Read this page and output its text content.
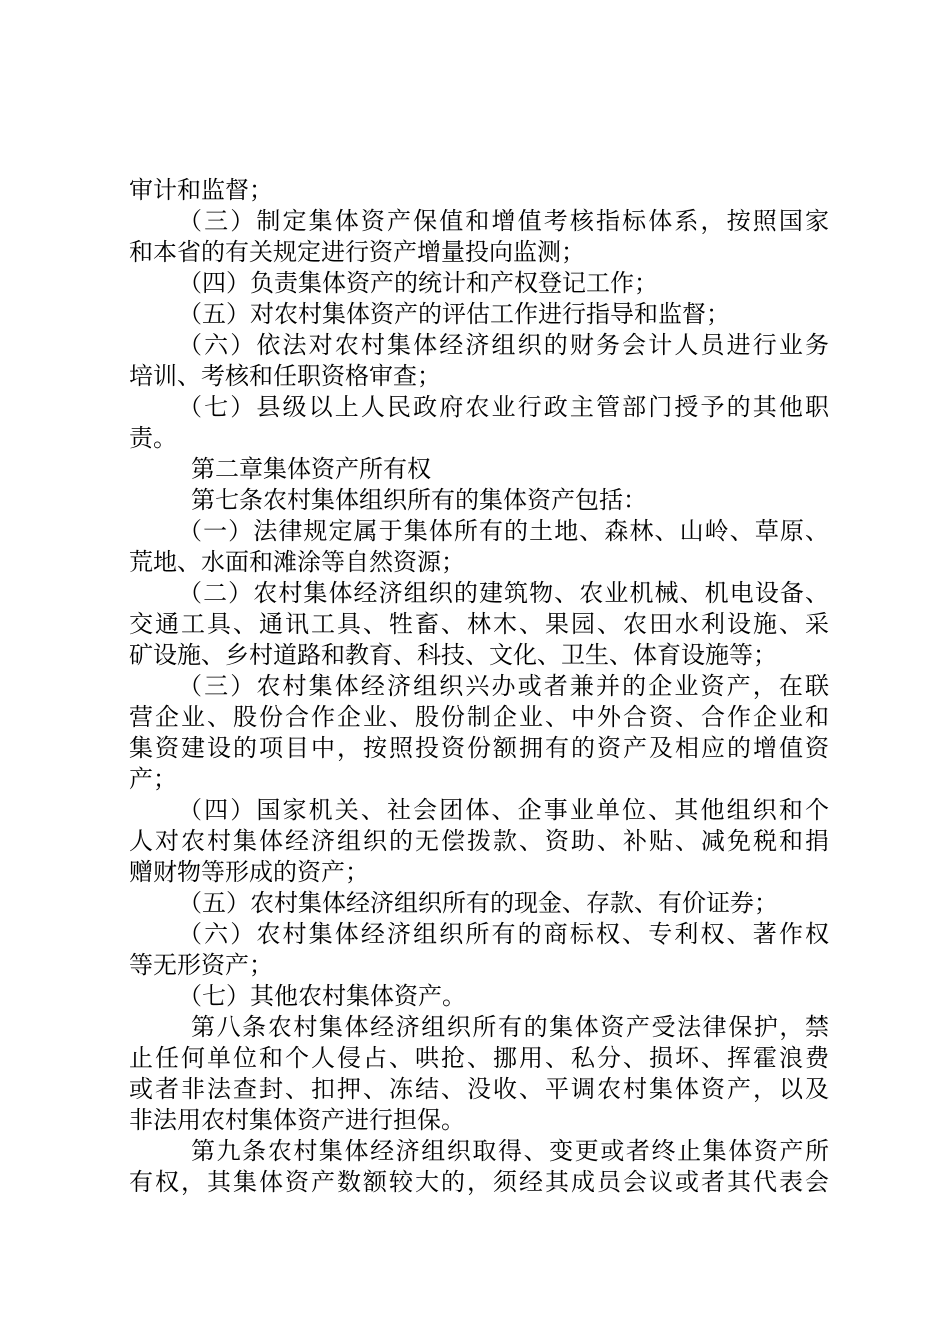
审计和监督；
（三）制定集体资产保值和增值考核指标体系，按照国家
和本省的有关规定进行资产增量投向监测；
（四）负责集体资产的统计和产权登记工作；
（五）对农村集体资产的评估工作进行指导和监督；
（六）依法对农村集体经济组织的财务会计人员进行业务
培训、考核和任职资格审查；
（七）县级以上人民政府农业行政主管部门授予的其他职
责。
第二章集体资产所有权
第七条农村集体组织所有的集体资产包括：
（一）法律规定属于集体所有的土地、森林、山岭、草原、
荒地、水面和滩涂等自然资源；
（二）农村集体经济组织的建筑物、农业机械、机电设备、
交通工具、通讯工具、牲畜、林木、果园、农田水利设施、采
矿设施、乡村道路和教育、科技、文化、卫生、体育设施等；
（三）农村集体经济组织兴办或者兼并的企业资产，在联
营企业、股份合作企业、股份制企业、中外合资、合作企业和
集资建设的项目中，按照投资份额拥有的资产及相应的增值资
产；
（四）国家机关、社会团体、企事业单位、其他组织和个
人对农村集体经济组织的无偿拨款、资助、补贴、减免税和捐
赠财物等形成的资产；
（五）农村集体经济组织所有的现金、存款、有价证券；
（六）农村集体经济组织所有的商标权、专利权、著作权
等无形资产；
（七）其他农村集体资产。
第八条农村集体经济组织所有的集体资产受法律保护，禁
止任何单位和个人侵占、哄抢、挪用、私分、损坏、挥霍浪费
或者非法查封、扣押、冻结、没收、平调农村集体资产，以及
非法用农村集体资产进行担保。
第九条农村集体经济组织取得、变更或者终止集体资产所
有权，其集体资产数额较大的，须经其成员会议或者其代表会
